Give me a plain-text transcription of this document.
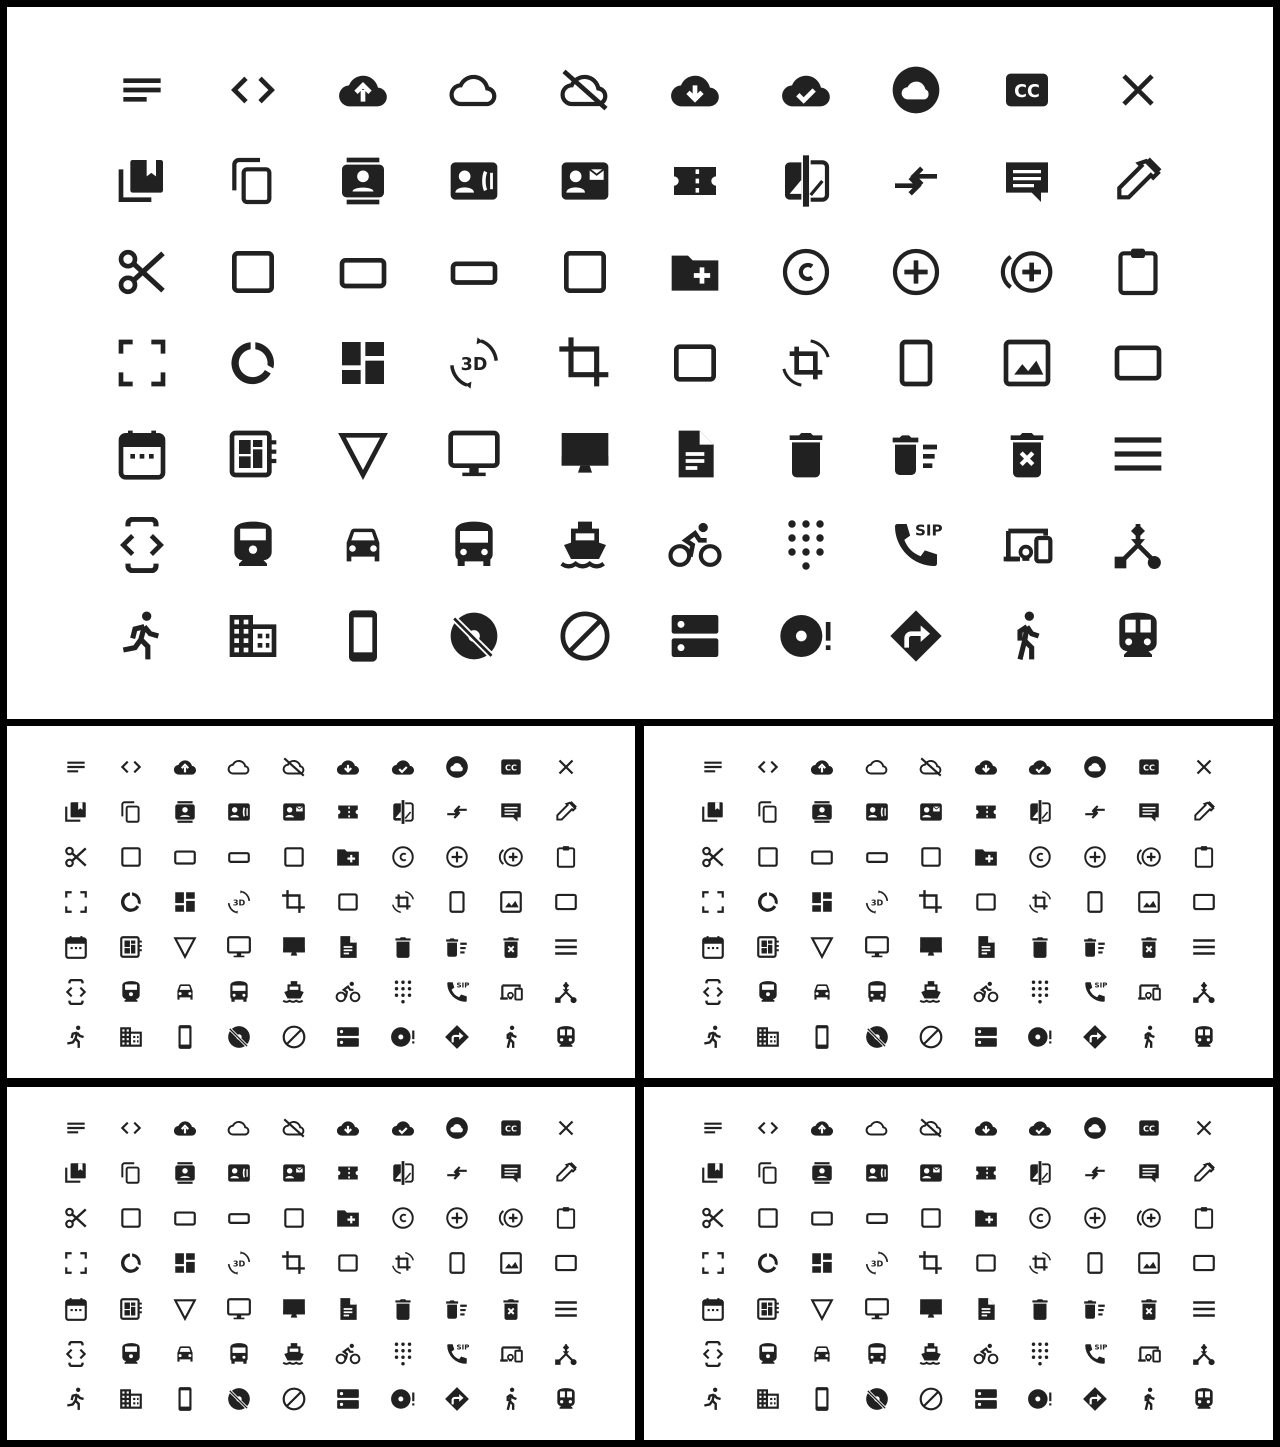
CC
3D
SIP
CC
3D
SIP
CC
3D
SIP
CC
3D
SIP
CC
3D
SIP
